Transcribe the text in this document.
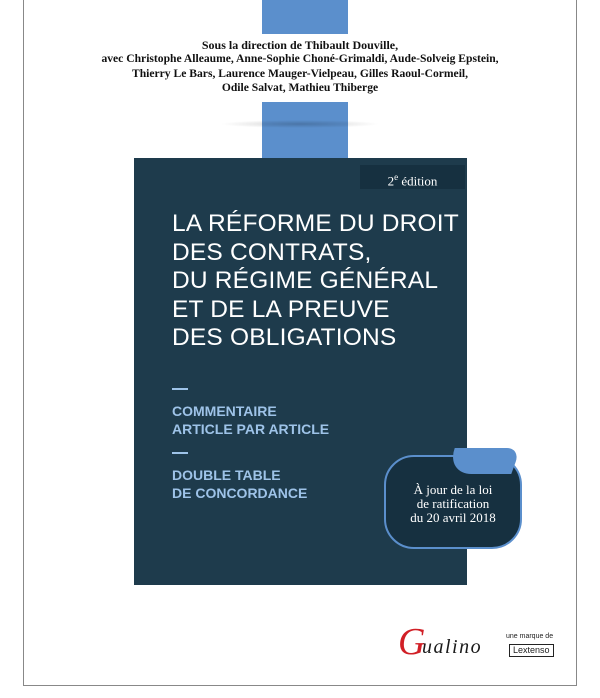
Sous la direction de Thibault Douville,
avec Christophe Alleaume, Anne-Sophie Choné-Grimaldi, Aude-Solveig Epstein,
Thierry Le Bars, Laurence Mauger-Vielpeau, Gilles Raoul-Cormeil,
Odile Salvat, Mathieu Thiberge
2e édition
LA RÉFORME DU DROIT
DES CONTRATS,
DU RÉGIME GÉNÉRAL
ET DE LA PREUVE
DES OBLIGATIONS
COMMENTAIRE
ARTICLE PAR ARTICLE
DOUBLE TABLE
DE CONCORDANCE	À jour de la loi
de ratification
du 20 avril 2018
G
ualino	une marque de
Lextenso
